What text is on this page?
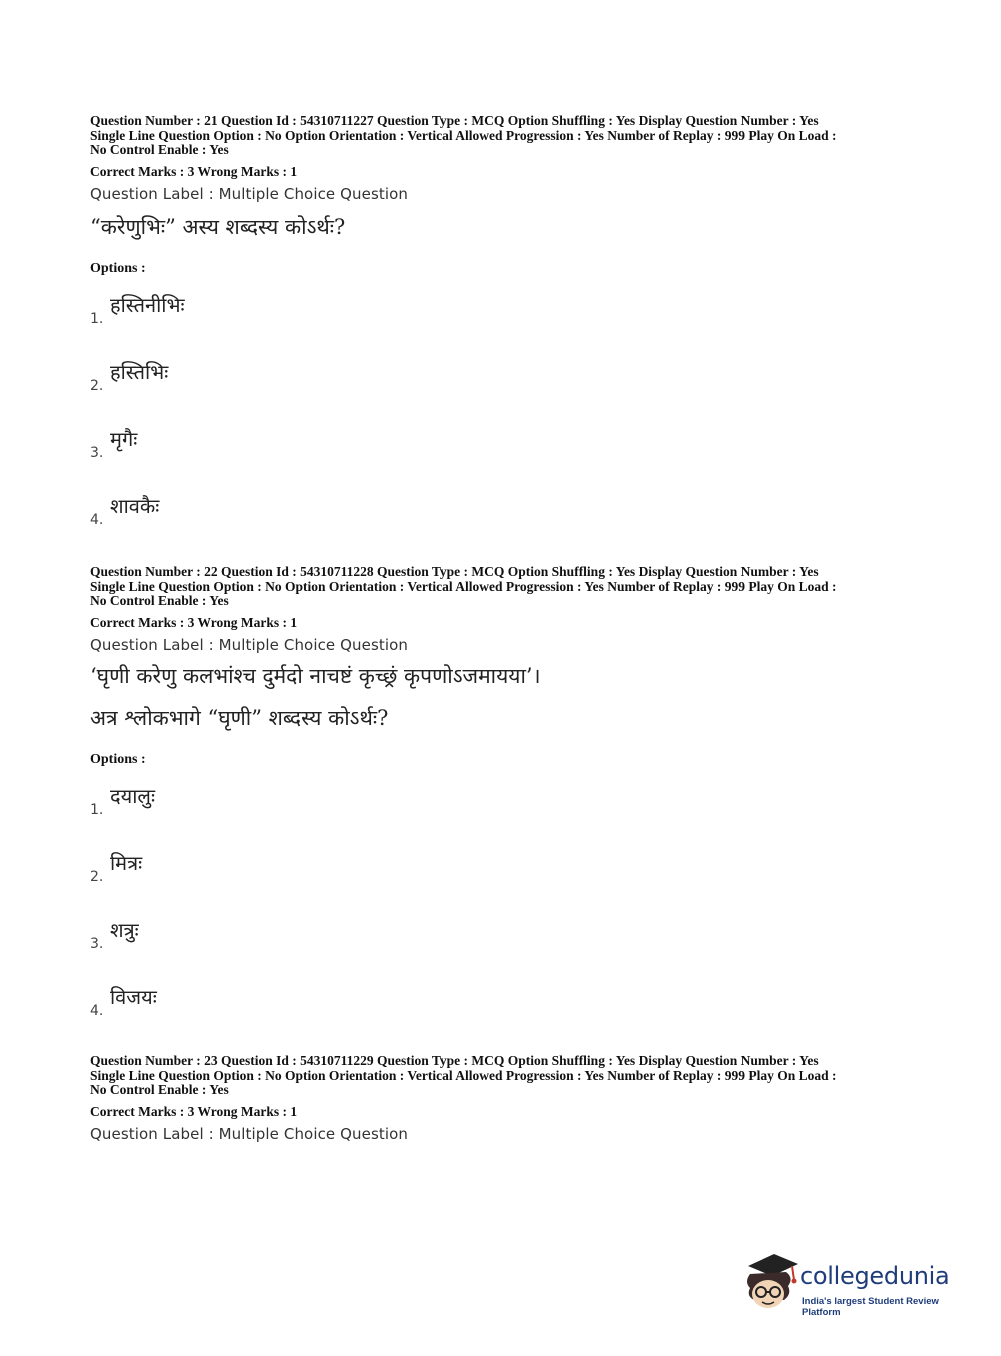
Question Number : 21 Question Id : 54310711227 Question Type : MCQ Option Shuffling : Yes Display Question Number : Yes
Single Line Question Option : No Option Orientation : Vertical Allowed Progression : Yes Number of Replay : 999 Play On Load :
No Control Enable : Yes
Correct Marks : 3 Wrong Marks : 1
Question Label : Multiple Choice Question
“करेणुभिः” अस्य शब्दस्य कोऽर्थः?
Options :
1.
हस्तिनीभिः
2.
हस्तिभिः
3.
मृगैः
4.
शावकैः
Question Number : 22 Question Id : 54310711228 Question Type : MCQ Option Shuffling : Yes Display Question Number : Yes
Single Line Question Option : No Option Orientation : Vertical Allowed Progression : Yes Number of Replay : 999 Play On Load :
No Control Enable : Yes
Correct Marks : 3 Wrong Marks : 1
Question Label : Multiple Choice Question
‘घृणी करेणु कलभांश्च दुर्मदो नाचष्टं कृच्छ्रं कृपणोऽजमायया’।
अत्र श्लोकभागे “घृणी” शब्दस्य कोऽर्थः?
Options :
1.
दयालुः
2.
मित्रः
3.
शत्रुः
4.
विजयः
Question Number : 23 Question Id : 54310711229 Question Type : MCQ Option Shuffling : Yes Display Question Number : Yes
Single Line Question Option : No Option Orientation : Vertical Allowed Progression : Yes Number of Replay : 999 Play On Load :
No Control Enable : Yes
Correct Marks : 3 Wrong Marks : 1
Question Label : Multiple Choice Question
collegedunia
India's largest Student Review Platform
